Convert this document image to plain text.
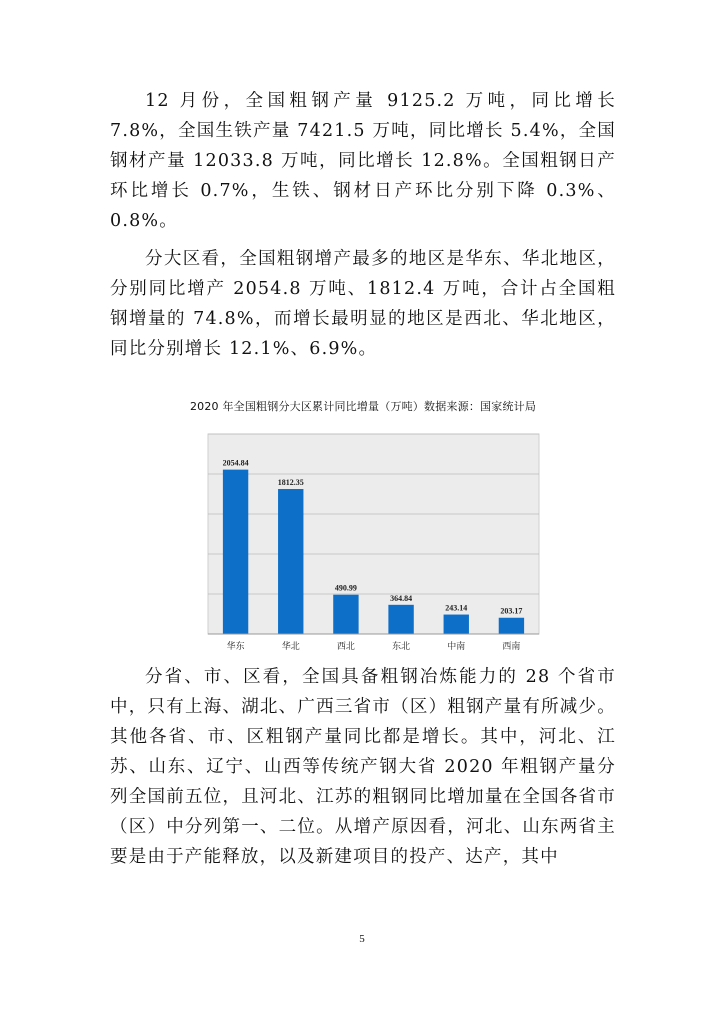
12 月份，全国粗钢产量 9125.2 万吨，同比增长 7.8%，全国生铁产量 7421.5 万吨，同比增长 5.4%，全国钢材产量 12033.8 万吨，同比增长 12.8%。全国粗钢日产环比增长 0.7%，生铁、钢材日产环比分别下降 0.3%、0.8%。

分大区看，全国粗钢增产最多的地区是华东、华北地区，分别同比增产 2054.8 万吨、1812.4 万吨，合计占全国粗钢增量的 74.8%，而增长最明显的地区是西北、华北地区，同比分别增长 12.1%、6.9%。

2020 年全国粗钢分大区累计同比增量（万吨）数据来源：国家统计局
2054.84
1812.35
490.99
364.84
243.14	203.17
华东	华北	西北	东北	中南	西南

分省、市、区看，全国具备粗钢冶炼能力的 28 个省市中，只有上海、湖北、广西三省市（区）粗钢产量有所减少。其他各省、市、区粗钢产量同比都是增长。其中，河北、江苏、山东、辽宁、山西等传统产钢大省 2020 年粗钢产量分列全国前五位，且河北、江苏的粗钢同比增加量在全国各省市（区）中分列第一、二位。从增产原因看，河北、山东两省主要是由于产能释放，以及新建项目的投产、达产，其中

5
